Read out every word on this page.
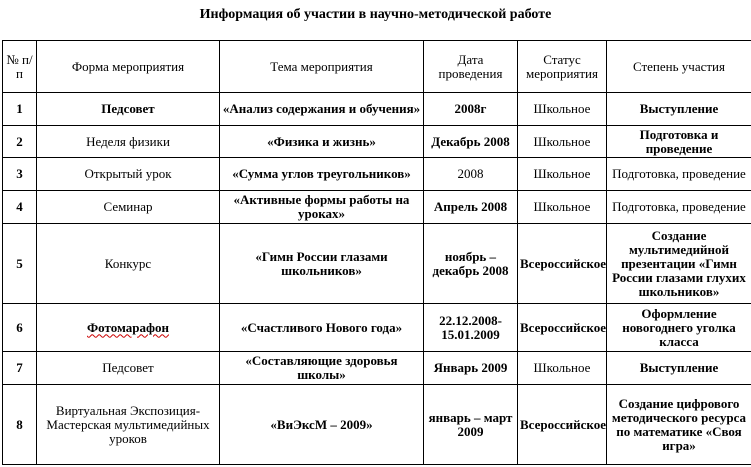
Информация об участии в научно-методической работе
№ п/п	Форма мероприятия	Тема мероприятия	Дата проведения	Статус мероприятия	Степень участия
1	Педсовет	«Анализ содержания и обучения»	2008г	Школьное	Выступление
2	Неделя физики	«Физика и жизнь»	Декабрь 2008	Школьное	Подготовка и проведение
3	Открытый урок	«Сумма углов треугольников»	2008	Школьное	Подготовка, проведение
4	Семинар	«Активные формы работы на уроках»	Апрель 2008	Школьное	Подготовка, проведение
5	Конкурс	«Гимн России глазами школьников»	ноябрь – декабрь 2008	Всероссийское	Создание мультимедийной презентации «Гимн России глазами глухих школьников»
6	Фотомарафон	«Счастливого Нового года»	22.12.2008-15.01.2009	Всероссийское	Оформление новогоднего уголка класса
7	Педсовет	«Составляющие здоровья школы»	Январь 2009	Школьное	Выступление
8	Виртуальная Экспозиция-Мастерская мультимедийных уроков	«ВиЭксМ – 2009»	январь – март 2009	Всероссийское	Создание цифрового методического ресурса по математике «Своя игра»
